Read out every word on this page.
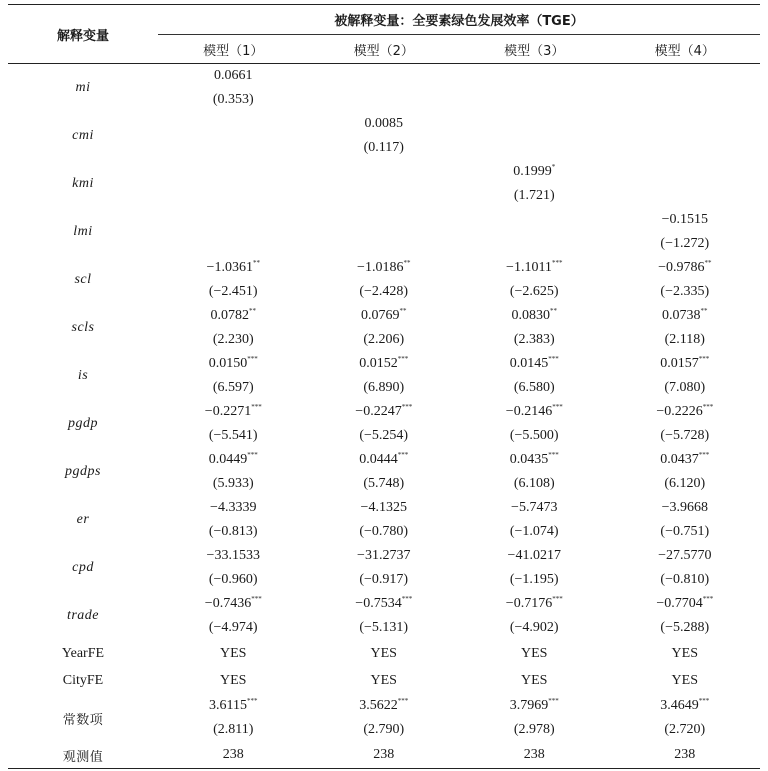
解释变量	被解释变量：全要素绿色发展效率（TGE）			
	模型（1）	模型（2）	模型（3）	模型（4）
mi	0.0661			
	(0.353)			
cmi		0.0085		
		(0.117)		
kmi			0.1999*	
			(1.721)	
lmi				−0.1515
				(−1.272)
scl	−1.0361**	−1.0186**	−1.1011***	−0.9786**
	(−2.451)	(−2.428)	(−2.625)	(−2.335)
scls	0.0782**	0.0769**	0.0830**	0.0738**
	(2.230)	(2.206)	(2.383)	(2.118)
is	0.0150***	0.0152***	0.0145***	0.0157***
	(6.597)	(6.890)	(6.580)	(7.080)
pgdp	−0.2271***	−0.2247***	−0.2146***	−0.2226***
	(−5.541)	(−5.254)	(−5.500)	(−5.728)
pgdps	0.0449***	0.0444***	0.0435***	0.0437***
	(5.933)	(5.748)	(6.108)	(6.120)
er	−4.3339	−4.1325	−5.7473	−3.9668
	(−0.813)	(−0.780)	(−1.074)	(−0.751)
cpd	−33.1533	−31.2737	−41.0217	−27.5770
	(−0.960)	(−0.917)	(−1.195)	(−0.810)
trade	−0.7436***	−0.7534***	−0.7176***	−0.7704***
	(−4.974)	(−5.131)	(−4.902)	(−5.288)
YearFE	YES	YES	YES	YES
CityFE	YES	YES	YES	YES
常数项	3.6115***	3.5622***	3.7969***	3.4649***
	(2.811)	(2.790)	(2.978)	(2.720)
观测值	238	238	238	238
